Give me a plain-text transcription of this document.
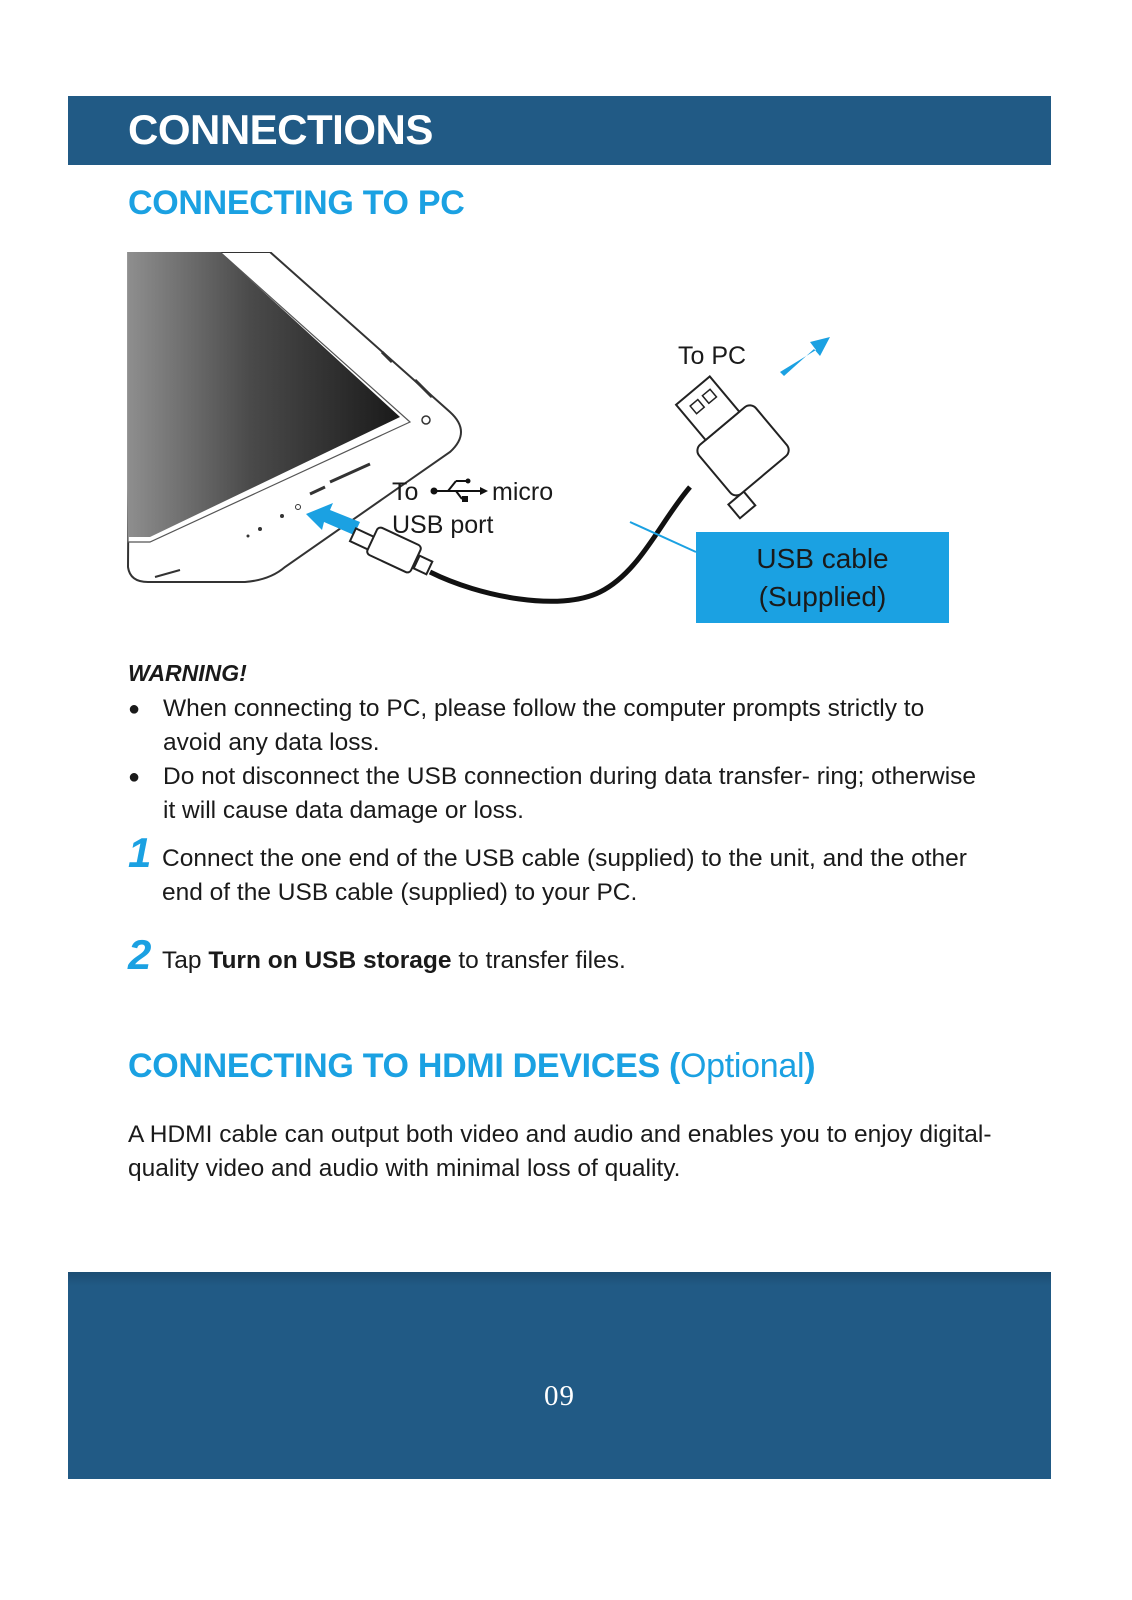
CONNECTIONS
CONNECTING TO PC
To PC
To	micro
USB port
USB cable
(Supplied)
WARNING!
● When connecting to PC, please follow the computer prompts strictly to avoid any data loss.
● Do not disconnect the USB connection during data transfer- ring; otherwise it will cause data damage or loss.
1 Connect the one end of the USB cable (supplied) to the unit, and the other end of the USB cable (supplied) to your PC.
2 Tap Turn on USB storage to transfer files.
CONNECTING TO HDMI DEVICES (Optional)
A HDMI cable can output both video and audio and enables you to enjoy digital-quality video and audio with minimal loss of quality.
09
